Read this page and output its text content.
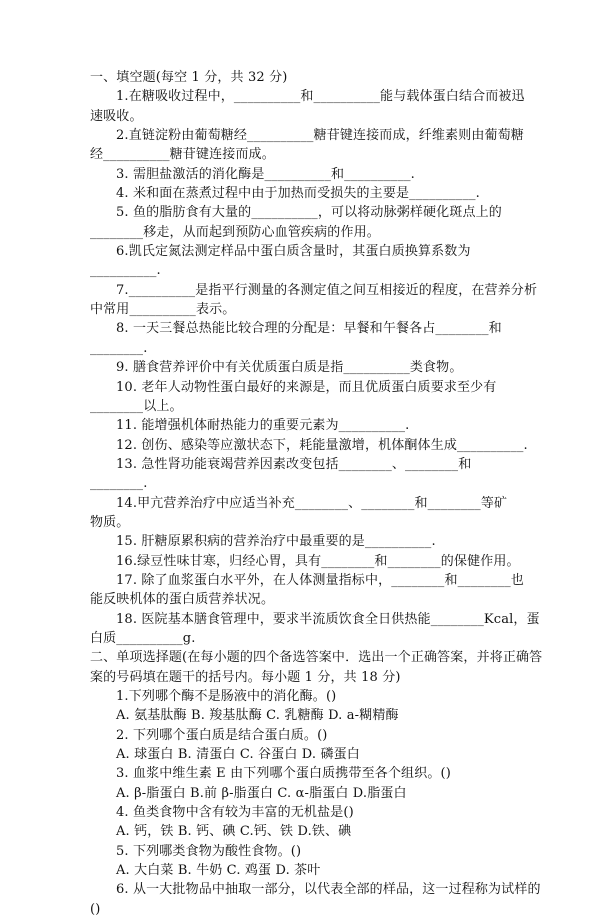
一、填空题(每空 1 分，共 32 分)
1.在糖吸收过程中，__________和__________能与载体蛋白结合而被迅
速吸收。
2.直链淀粉由葡萄糖经__________糖苷键连接而成，纤维素则由葡萄糖
经__________糖苷键连接而成。
3. 需胆盐激活的消化酶是__________和__________.
4. 米和面在蒸煮过程中由于加热而受损失的主要是__________.
5. 鱼的脂肪食有大量的__________，可以将动脉粥样硬化斑点上的
________移走，从而起到预防心血管疾病的作用。
6.凯氏定氮法测定样品中蛋白质含量时，其蛋白质换算系数为
__________.
7.__________是指平行测量的各测定值之间互相接近的程度，在营养分析
中常用__________表示。
8. 一天三餐总热能比较合理的分配是：早餐和午餐各占________和
________.
9. 膳食营养评价中有关优质蛋白质是指__________类食物。
10. 老年人动物性蛋白最好的来源是，而且优质蛋白质要求至少有
________以上。
11. 能增强机体耐热能力的重要元素为__________.
12. 创伤、感染等应激状态下，耗能量激增，机体酮体生成__________.
13. 急性肾功能衰竭营养因素改变包括________、________和
________.
14.甲亢营养治疗中应适当补充________、________和________等矿
物质。
15. 肝糖原累积病的营养治疗中最重要的是__________.
16.绿豆性味甘寒，归经心胃，具有________和________的保健作用。
17. 除了血浆蛋白水平外，在人体测量指标中，________和________也
能反映机体的蛋白质营养状况。
18. 医院基本膳食管理中，要求半流质饮食全日供热能________Kcal，蛋
白质__________g.
二、单项选择题(在每小题的四个备选答案中．选出一个正确答案，并将正确答
案的号码填在题干的括号内。每小题 1 分，共 18 分)
1.下列哪个酶不是肠液中的消化酶。()
A. 氨基肽酶 B. 羧基肽酶 C. 乳糖酶 D. a-糊精酶
2. 下列哪个蛋白质是结合蛋白质。()
A. 球蛋白 B. 清蛋白 C. 谷蛋白 D. 磷蛋白
3. 血浆中维生素 E 由下列哪个蛋白质携带至各个组织。()
A. β-脂蛋白 B.前 β-脂蛋白 C. α-脂蛋白 D.脂蛋白
4. 鱼类食物中含有较为丰富的无机盐是()
A. 钙，铁 B. 钙、碘 C.钙、铁 D.铁、碘
5. 下列哪类食物为酸性食物。()
A. 大白菜 B. 牛奶 C. 鸡蛋 D. 茶叶
6. 从一大批物品中抽取一部分，以代表全部的样品，这一过程称为试样的
()
